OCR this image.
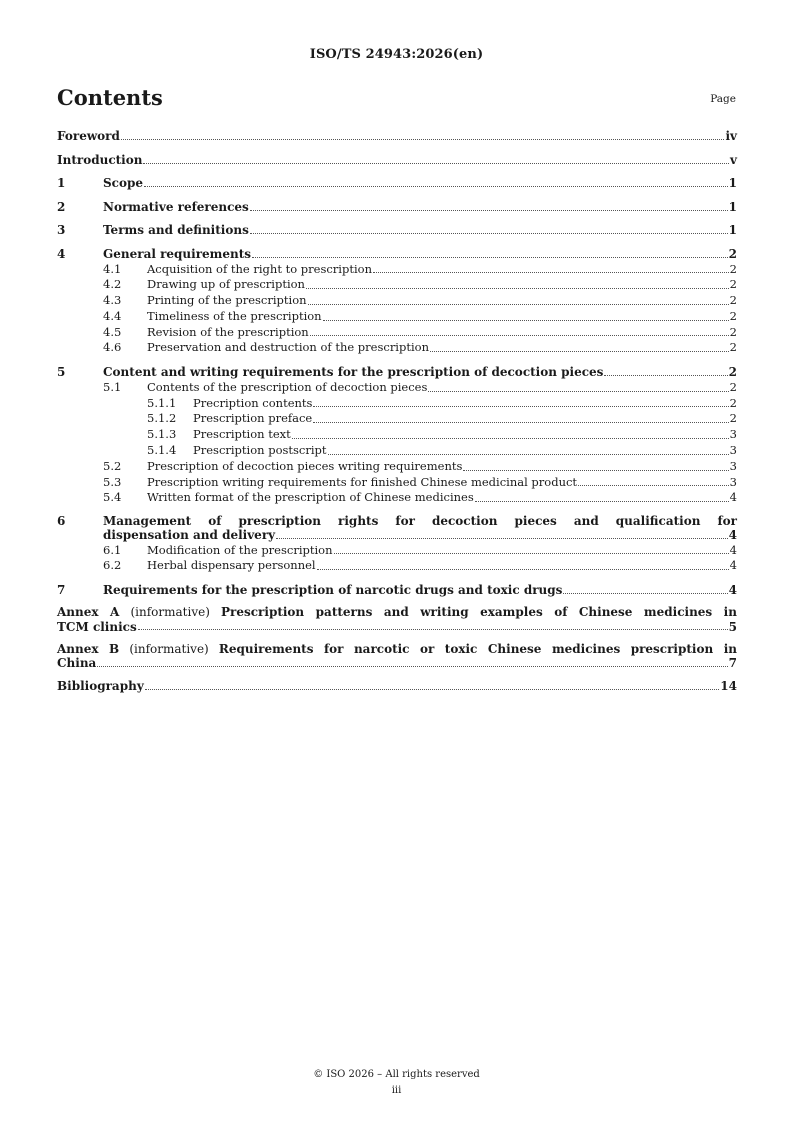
ISO/TS 24943:2026(en)
Contents	Page
Foreword	iv
Introduction	v
1	Scope	1
2	Normative references	1
3	Terms and definitions	1
4	General requirements	2
4.1	Acquisition of the right to prescription	2
4.2	Drawing up of prescription	2
4.3	Printing of the prescription	2
4.4	Timeliness of the prescription	2
4.5	Revision of the prescription	2
4.6	Preservation and destruction of the prescription	2
5	Content and writing requirements for the prescription of decoction pieces	2
5.1	Contents of the prescription of decoction pieces	2
5.1.1	Precription contents	2
5.1.2	Prescription preface	2
5.1.3	Prescription text	3
5.1.4	Prescription postscript	3
5.2	Prescription of decoction pieces writing requirements	3
5.3	Prescription writing requirements for finished Chinese medicinal product	3
5.4	Written format of the prescription of Chinese medicines	4
6	Management of prescription rights for decoction pieces and qualification for
dispensation and delivery	4
6.1	Modification of the prescription	4
6.2	Herbal dispensary personnel	4
7	Requirements for the prescription of narcotic drugs and toxic drugs	4
Annex A (informative) Prescription patterns and writing examples of Chinese medicines in
TCM clinics	5
Annex B (informative) Requirements for narcotic or toxic Chinese medicines prescription in
China	7
Bibliography	14
© ISO 2026 – All rights reserved
iii
